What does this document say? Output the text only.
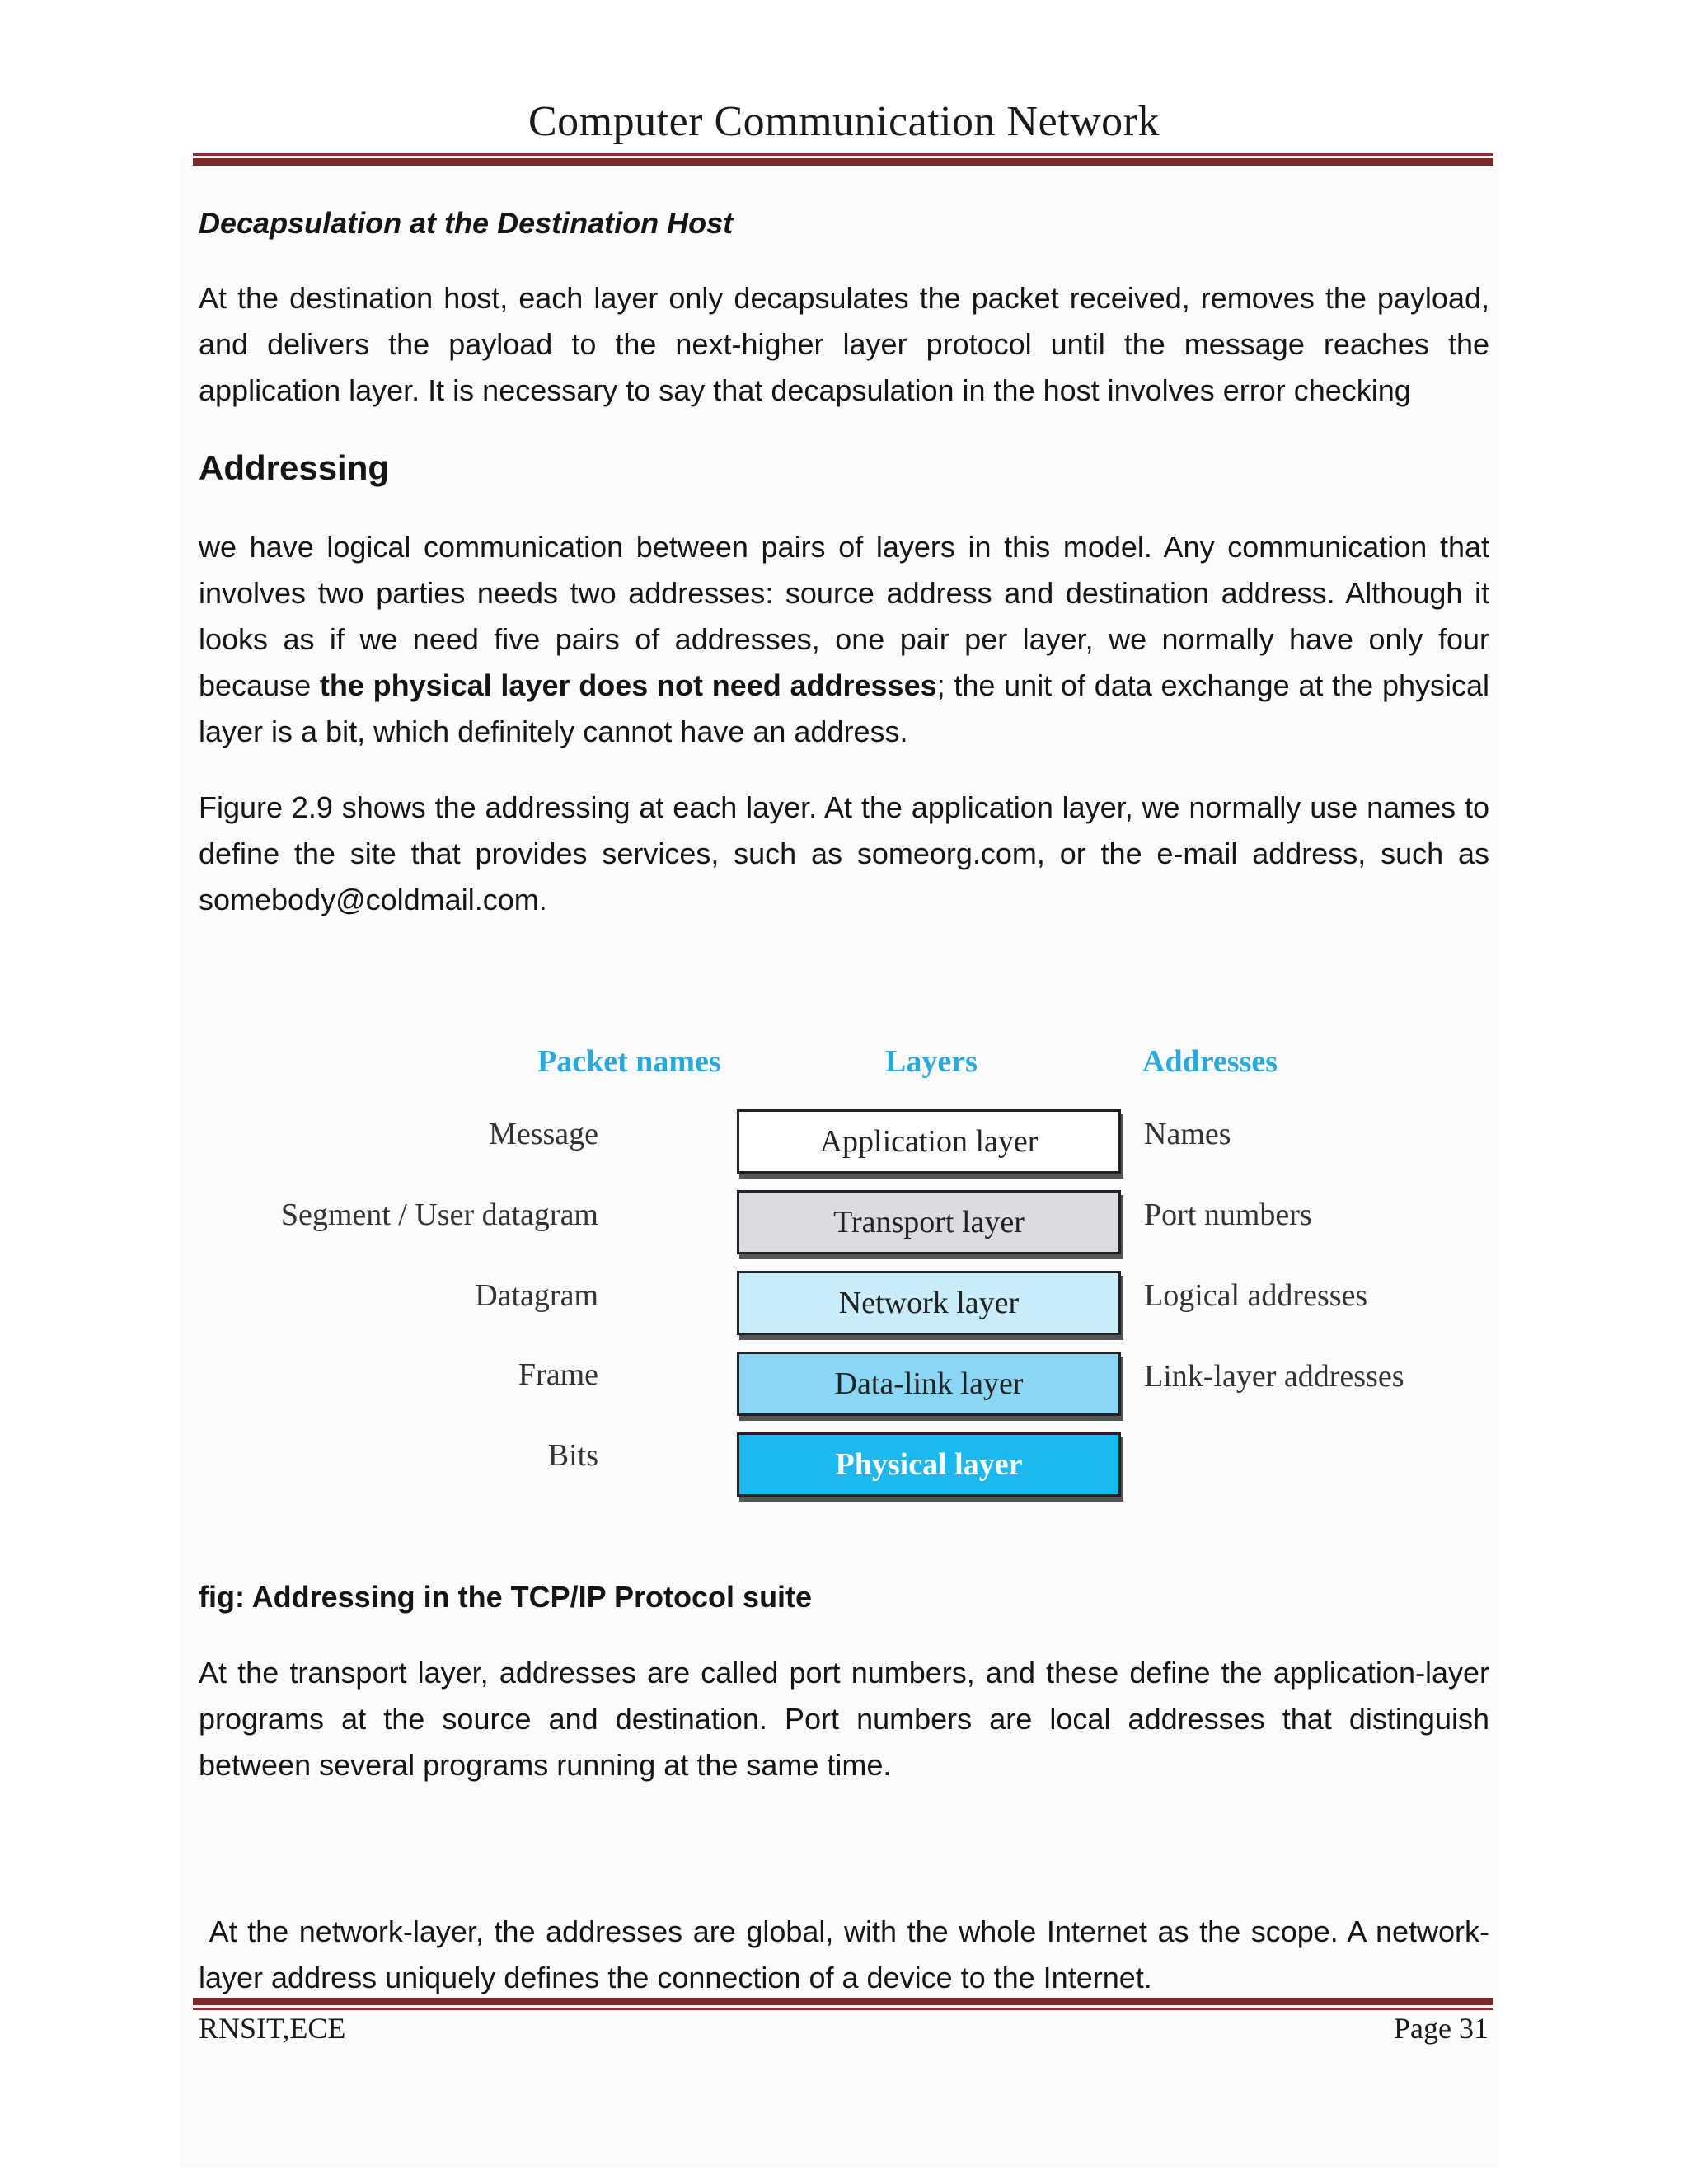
Computer Communication Network
Decapsulation at the Destination Host

At the destination host, each layer only decapsulates the packet received, removes the payload, and delivers the payload to the next-higher layer protocol until the message reaches the application layer. It is necessary to say that decapsulation in the host involves error checking

Addressing

we have logical communication between pairs of layers in this model. Any communication that involves two parties needs two addresses: source address and destination address. Although it looks as if we need five pairs of addresses, one pair per layer, we normally have only four because the physical layer does not need addresses; the unit of data exchange at the physical layer is a bit, which definitely cannot have an address.

Figure 2.9 shows the addressing at each layer. At the application layer, we normally use names to define the site that provides services, such as someorg.com, or the e-mail address, such as somebody@coldmail.com.

Packet names	Layers	Addresses
Message	Application layer	Names
Segment / User datagram	Transport layer	Port numbers
Datagram	Network layer	Logical addresses
Frame	Data-link layer	Link-layer addresses
Bits	Physical layer
fig: Addressing in the TCP/IP Protocol suite

At the transport layer, addresses are called port numbers, and these define the application-layer programs at the source and destination. Port numbers are local addresses that distinguish between several programs running at the same time.

At the network-layer, the addresses are global, with the whole Internet as the scope. A network-layer address uniquely defines the connection of a device to the Internet.

RNSIT,ECE	Page 31
